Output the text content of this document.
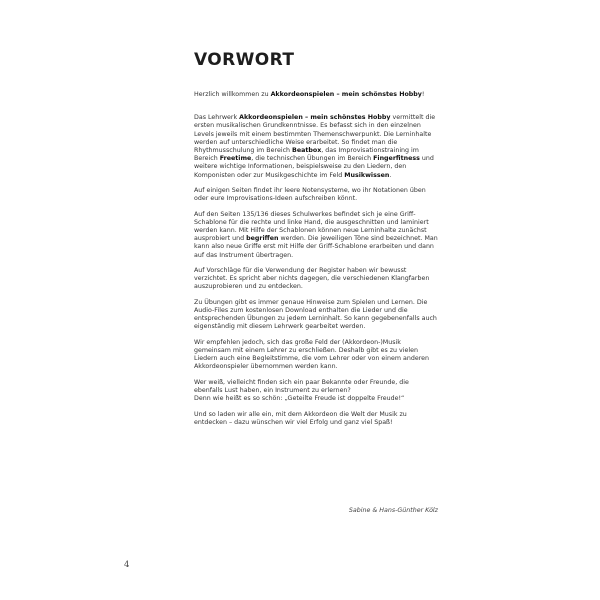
VORWORT

Herzlich willkommen zu Akkordeonspielen – mein schönstes Hobby!

Das Lehrwerk Akkordeonspielen – mein schönstes Hobby vermittelt die ersten musikalischen Grundkenntnisse. Es befasst sich in den einzelnen Levels jeweils mit einem bestimmten Themenschwerpunkt. Die Lerninhalte werden auf unterschiedliche Weise erarbeitet. So findet man die Rhythmusschulung im Bereich Beatbox, das Improvisationstraining im Bereich Freetime, die technischen Übungen im Bereich Fingerfitness und weitere wichtige Informationen, beispielsweise zu den Liedern, den Komponisten oder zur Musikgeschichte im Feld Musikwissen.

Auf einigen Seiten findet ihr leere Notensysteme, wo ihr Notationen üben oder eure Improvisations-Ideen aufschreiben könnt.

Auf den Seiten 135/136 dieses Schulwerkes befindet sich je eine Griff-Schablone für die rechte und linke Hand, die ausgeschnitten und laminiert werden kann. Mit Hilfe der Schablonen können neue Lerninhalte zunächst ausprobiert und begriffen werden. Die jeweiligen Töne sind bezeichnet. Man kann also neue Griffe erst mit Hilfe der Griff-Schablone erarbeiten und dann auf das Instrument übertragen.

Auf Vorschläge für die Verwendung der Register haben wir bewusst verzichtet. Es spricht aber nichts dagegen, die verschiedenen Klangfarben auszuprobieren und zu entdecken.

Zu Übungen gibt es immer genaue Hinweise zum Spielen und Lernen. Die Audio-Files zum kostenlosen Download enthalten die Lieder und die entsprechenden Übungen zu jedem Lerninhalt. So kann gegebenenfalls auch eigenständig mit diesem Lehrwerk gearbeitet werden.

Wir empfehlen jedoch, sich das große Feld der (Akkordeon-)Musik gemeinsam mit einem Lehrer zu erschließen. Deshalb gibt es zu vielen Liedern auch eine Begleitstimme, die vom Lehrer oder von einem anderen Akkordeonspieler übernommen werden kann.

Wer weiß, vielleicht finden sich ein paar Bekannte oder Freunde, die ebenfalls Lust haben, ein Instrument zu erlernen?
Denn wie heißt es so schön: „Geteilte Freude ist doppelte Freude!“

Und so laden wir alle ein, mit dem Akkordeon die Welt der Musik zu entdecken – dazu wünschen wir viel Erfolg und ganz viel Spaß!

Sabine & Hans-Günther Kölz
4
